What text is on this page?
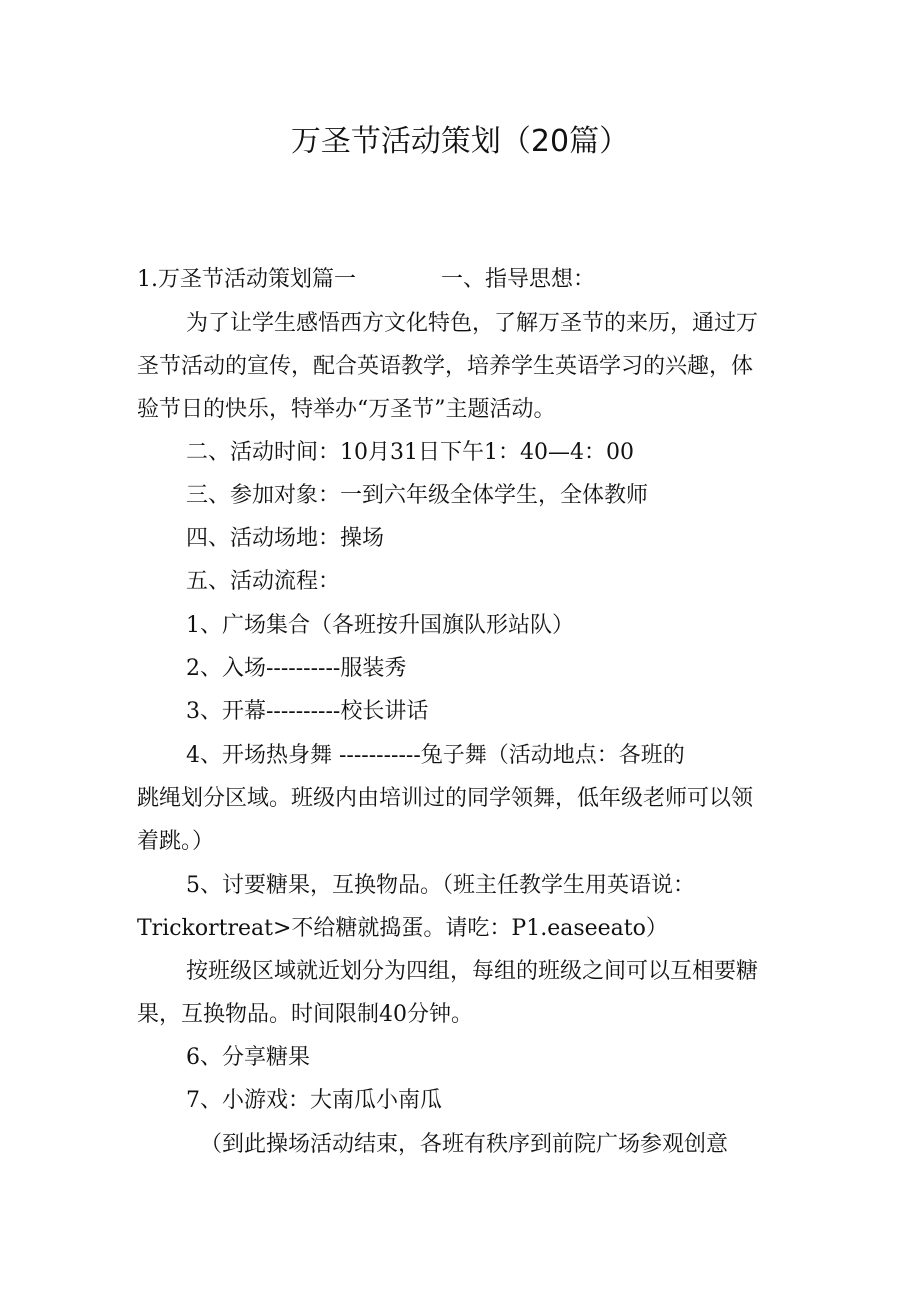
万圣节活动策划（20篇）
1.万圣节活动策划篇一	一、指导思想：
为了让学生感悟西方文化特色，了解万圣节的来历，通过万
圣节活动的宣传，配合英语教学，培养学生英语学习的兴趣，体
验节日的快乐，特举办“万圣节”主题活动。
二、活动时间：10月31日下午1：40—4：00
三、参加对象：一到六年级全体学生，全体教师
四、活动场地：操场
五、活动流程：
1、广场集合（各班按升国旗队形站队）
2、入场----------服装秀
3、开幕----------校长讲话
4、开场热身舞 -----------兔子舞（活动地点：各班的
跳绳划分区域。班级内由培训过的同学领舞，低年级老师可以领
着跳。）
5、讨要糖果，互换物品。（班主任教学生用英语说：
Trickortreat>不给糖就捣蛋。请吃：P1.easeeato）
按班级区域就近划分为四组，每组的班级之间可以互相要糖
果，互换物品。时间限制40分钟。
6、分享糖果
7、小游戏：大南瓜小南瓜
（到此操场活动结束，各班有秩序到前院广场参观创意
